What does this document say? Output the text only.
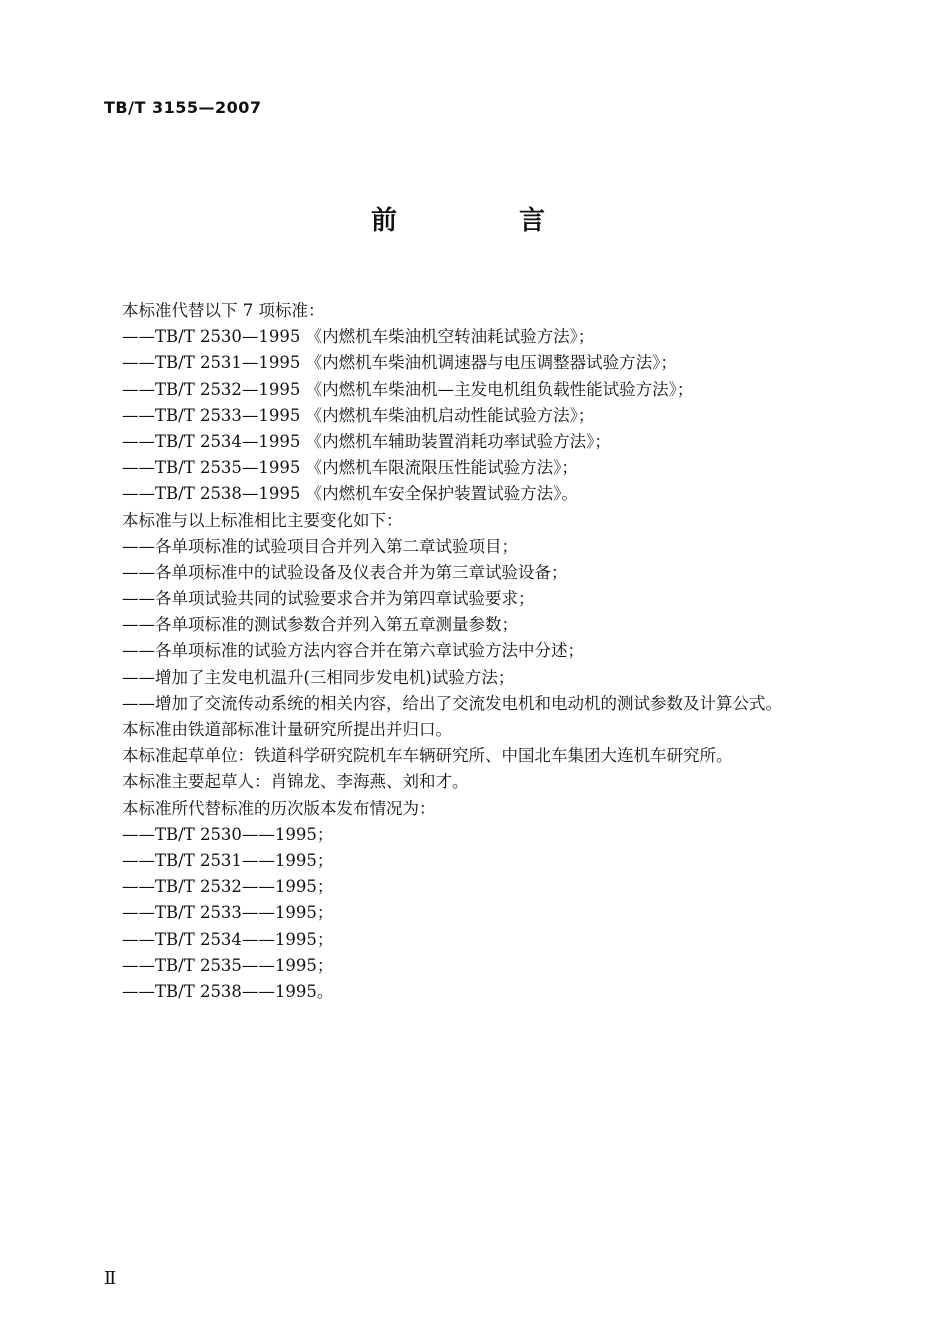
TB/T 3155—2007
前　言
本标准代替以下 7 项标准：
——TB/T 2530—1995 《内燃机车柴油机空转油耗试验方法》；
——TB/T 2531—1995 《内燃机车柴油机调速器与电压调整器试验方法》；
——TB/T 2532—1995 《内燃机车柴油机—主发电机组负载性能试验方法》；
——TB/T 2533—1995 《内燃机车柴油机启动性能试验方法》；
——TB/T 2534—1995 《内燃机车辅助装置消耗功率试验方法》；
——TB/T 2535—1995 《内燃机车限流限压性能试验方法》；
——TB/T 2538—1995 《内燃机车安全保护装置试验方法》。
本标准与以上标准相比主要变化如下：
——各单项标准的试验项目合并列入第二章试验项目；
——各单项标准中的试验设备及仪表合并为第三章试验设备；
——各单项试验共同的试验要求合并为第四章试验要求；
——各单项标准的测试参数合并列入第五章测量参数；
——各单项标准的试验方法内容合并在第六章试验方法中分述；
——增加了主发电机温升(三相同步发电机)试验方法；
——增加了交流传动系统的相关内容，给出了交流发电机和电动机的测试参数及计算公式。
本标准由铁道部标准计量研究所提出并归口。
本标准起草单位：铁道科学研究院机车车辆研究所、中国北车集团大连机车研究所。
本标准主要起草人：肖锦龙、李海燕、刘和才。
本标准所代替标准的历次版本发布情况为：
——TB/T 2530——1995；
——TB/T 2531——1995；
——TB/T 2532——1995；
——TB/T 2533——1995；
——TB/T 2534——1995；
——TB/T 2535——1995；
——TB/T 2538——1995。
Ⅱ
